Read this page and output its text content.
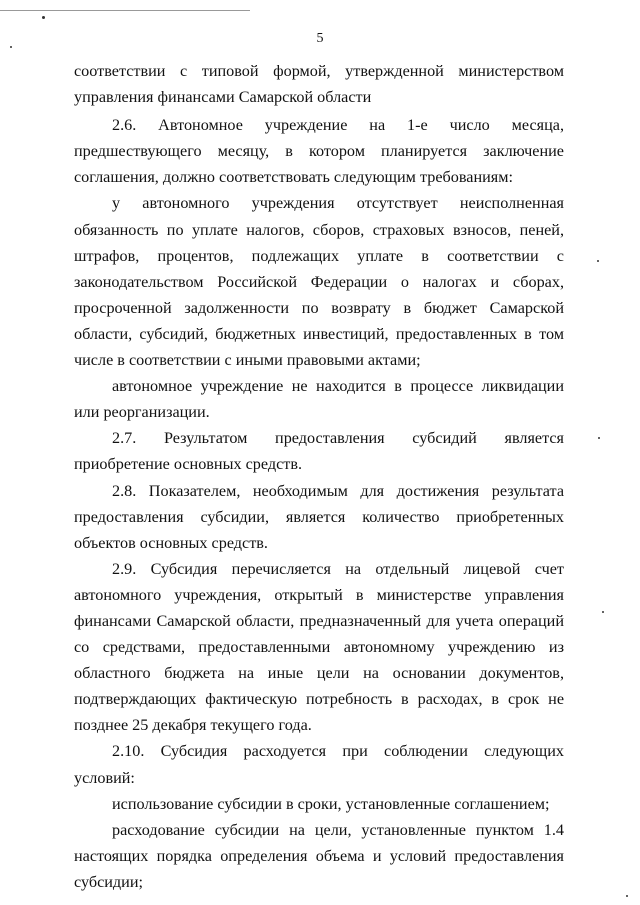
5

соответствии с типовой формой, утвержденной министерством управления финансами Самарской области

2.6. Автономное учреждение на 1-е число месяца, предшествующего месяцу, в котором планируется заключение соглашения, должно соответствовать следующим требованиям:

у автономного учреждения отсутствует неисполненная обязанность по уплате налогов, сборов, страховых взносов, пеней, штрафов, процентов, подлежащих уплате в соответствии с законодательством Российской Федерации о налогах и сборах, просроченной задолженности по возврату в бюджет Самарской области, субсидий, бюджетных инвестиций, предоставленных в том числе в соответствии с иными правовыми актами;

автономное учреждение не находится в процессе ликвидации или реорганизации.

2.7. Результатом предоставления субсидий является приобретение основных средств.

2.8. Показателем, необходимым для достижения результата предоставления субсидии, является количество приобретенных объектов основных средств.

2.9. Субсидия перечисляется на отдельный лицевой счет автономного учреждения, открытый в министерстве управления финансами Самарской области, предназначенный для учета операций со средствами, предоставленными автономному учреждению из областного бюджета на иные цели на основании документов, подтверждающих фактическую потребность в расходах, в срок не позднее 25 декабря текущего года.

2.10. Субсидия расходуется при соблюдении следующих условий:

использование субсидии в сроки, установленные соглашением;

расходование субсидии на цели, установленные пунктом 1.4 настоящих порядка определения объема и условий предоставления субсидии;
